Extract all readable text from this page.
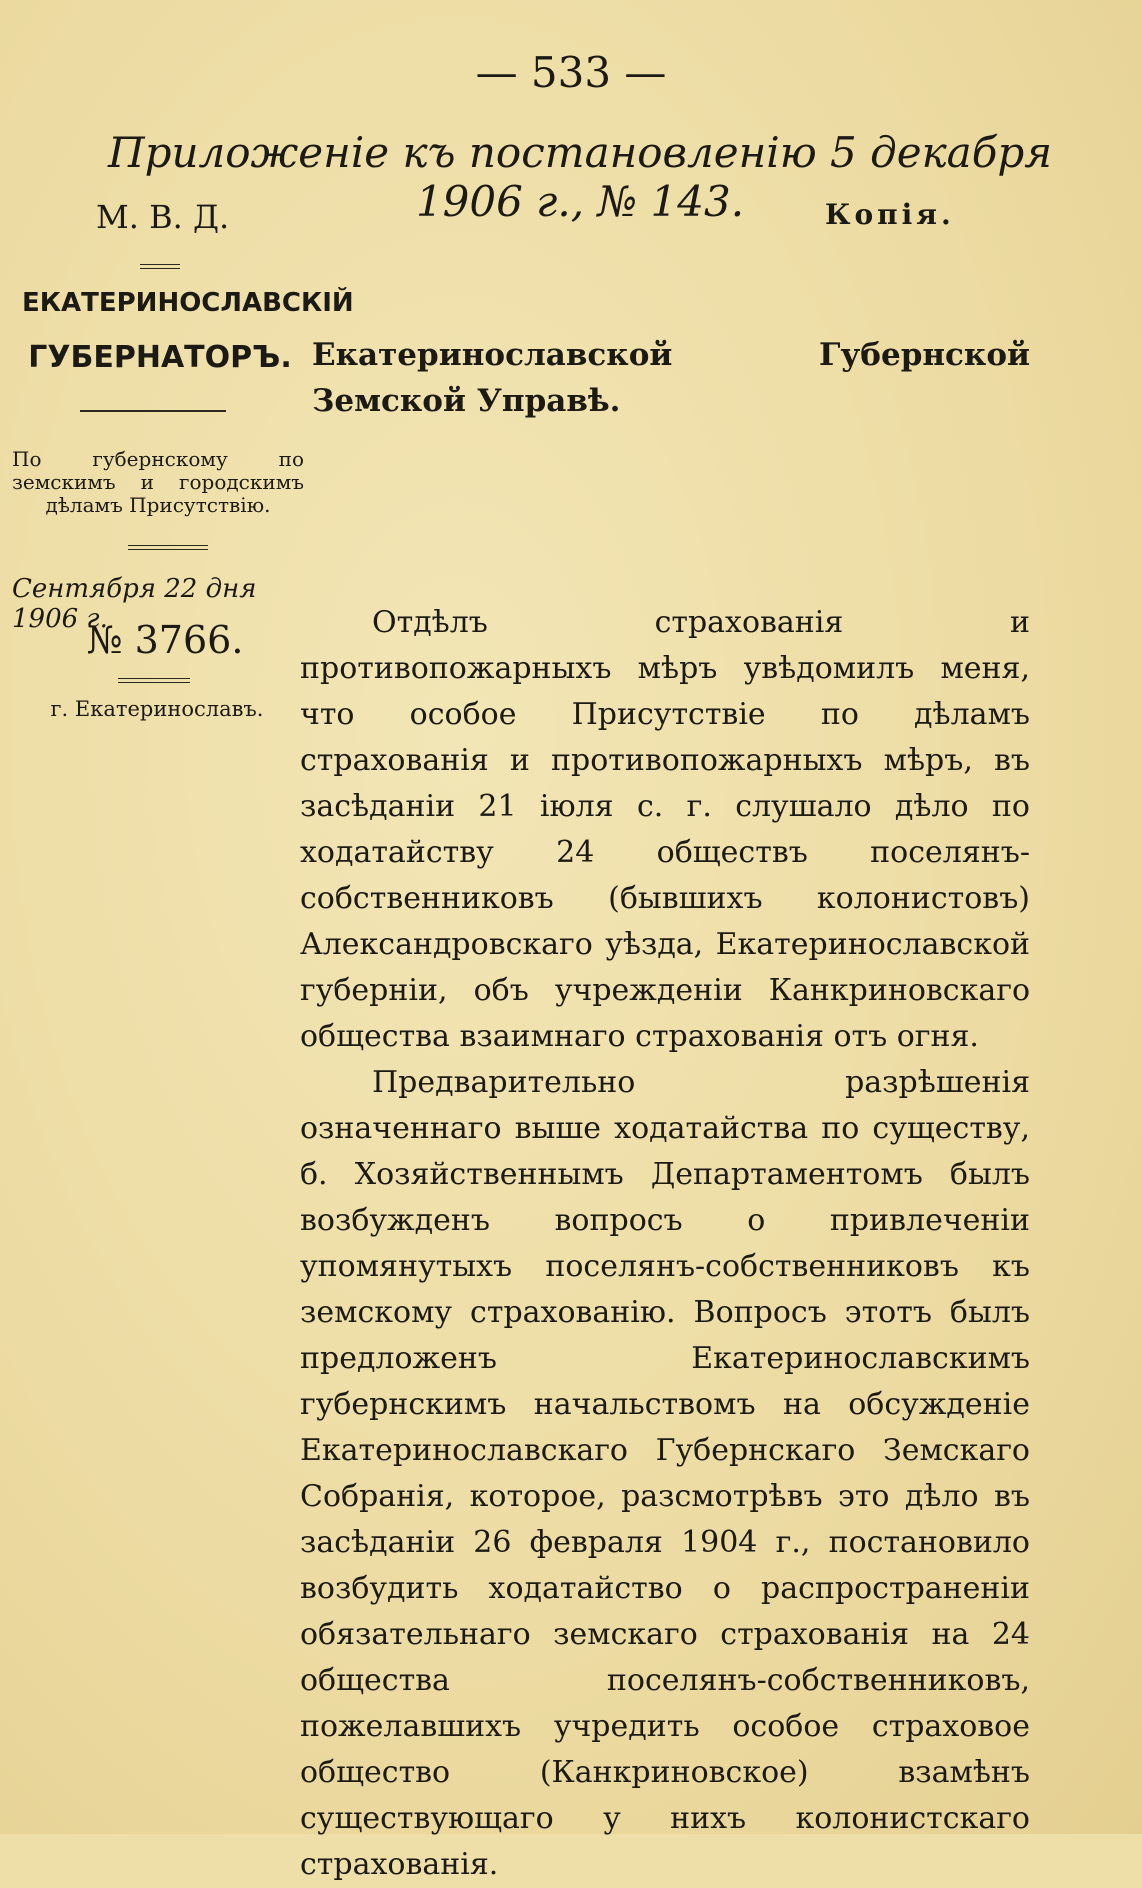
— 533 —
Приложеніе къ постановленію 5 декабря 1906 г., № 143.
М. В. Д.	Копія.
ЕКАТЕРИНОСЛАВСКІЙ
ГУБЕРНАТОРЪ. Екатеринославской Губернской Земской Управѣ.
По губернскому по земскимъ и городскимъ дѣламъ Присутствію.
Сентября 22 дня 1906 г.
№ 3766.
г. Екатеринославъ.

Отдѣлъ страхованія и противопожарныхъ мѣръ увѣдомилъ меня, что особое Присутствіе по дѣламъ страхованія и противопожарныхъ мѣръ, въ засѣданіи 21 іюля с. г. слушало дѣло по ходатайству 24 обществъ поселянъ-собственниковъ (бывшихъ колонистовъ) Александровскаго уѣзда, Екатеринославской губерніи, объ учрежденіи Канкриновскаго общества взаимнаго страхованія отъ огня.

Предварительно разрѣшенія означеннаго выше ходатайства по существу, б. Хозяйственнымъ Департаментомъ былъ возбужденъ вопросъ о привлеченіи упомянутыхъ поселянъ-собственниковъ къ земскому страхованію. Вопросъ этотъ былъ предложенъ Екатеринославскимъ губернскимъ начальствомъ на обсужденіе Екатеринославскаго Губернскаго Земскаго Собранія, которое, разсмотрѣвъ это дѣло въ засѣданіи 26 февраля 1904 г., постановило возбудить ходатайство о распространеніи обязательнаго земскаго страхованія на 24 общества поселянъ-собственниковъ, пожелавшихъ учредить особое страховое общество (Канкриновское) взамѣнъ существующаго у нихъ колонистскаго страхованія.
